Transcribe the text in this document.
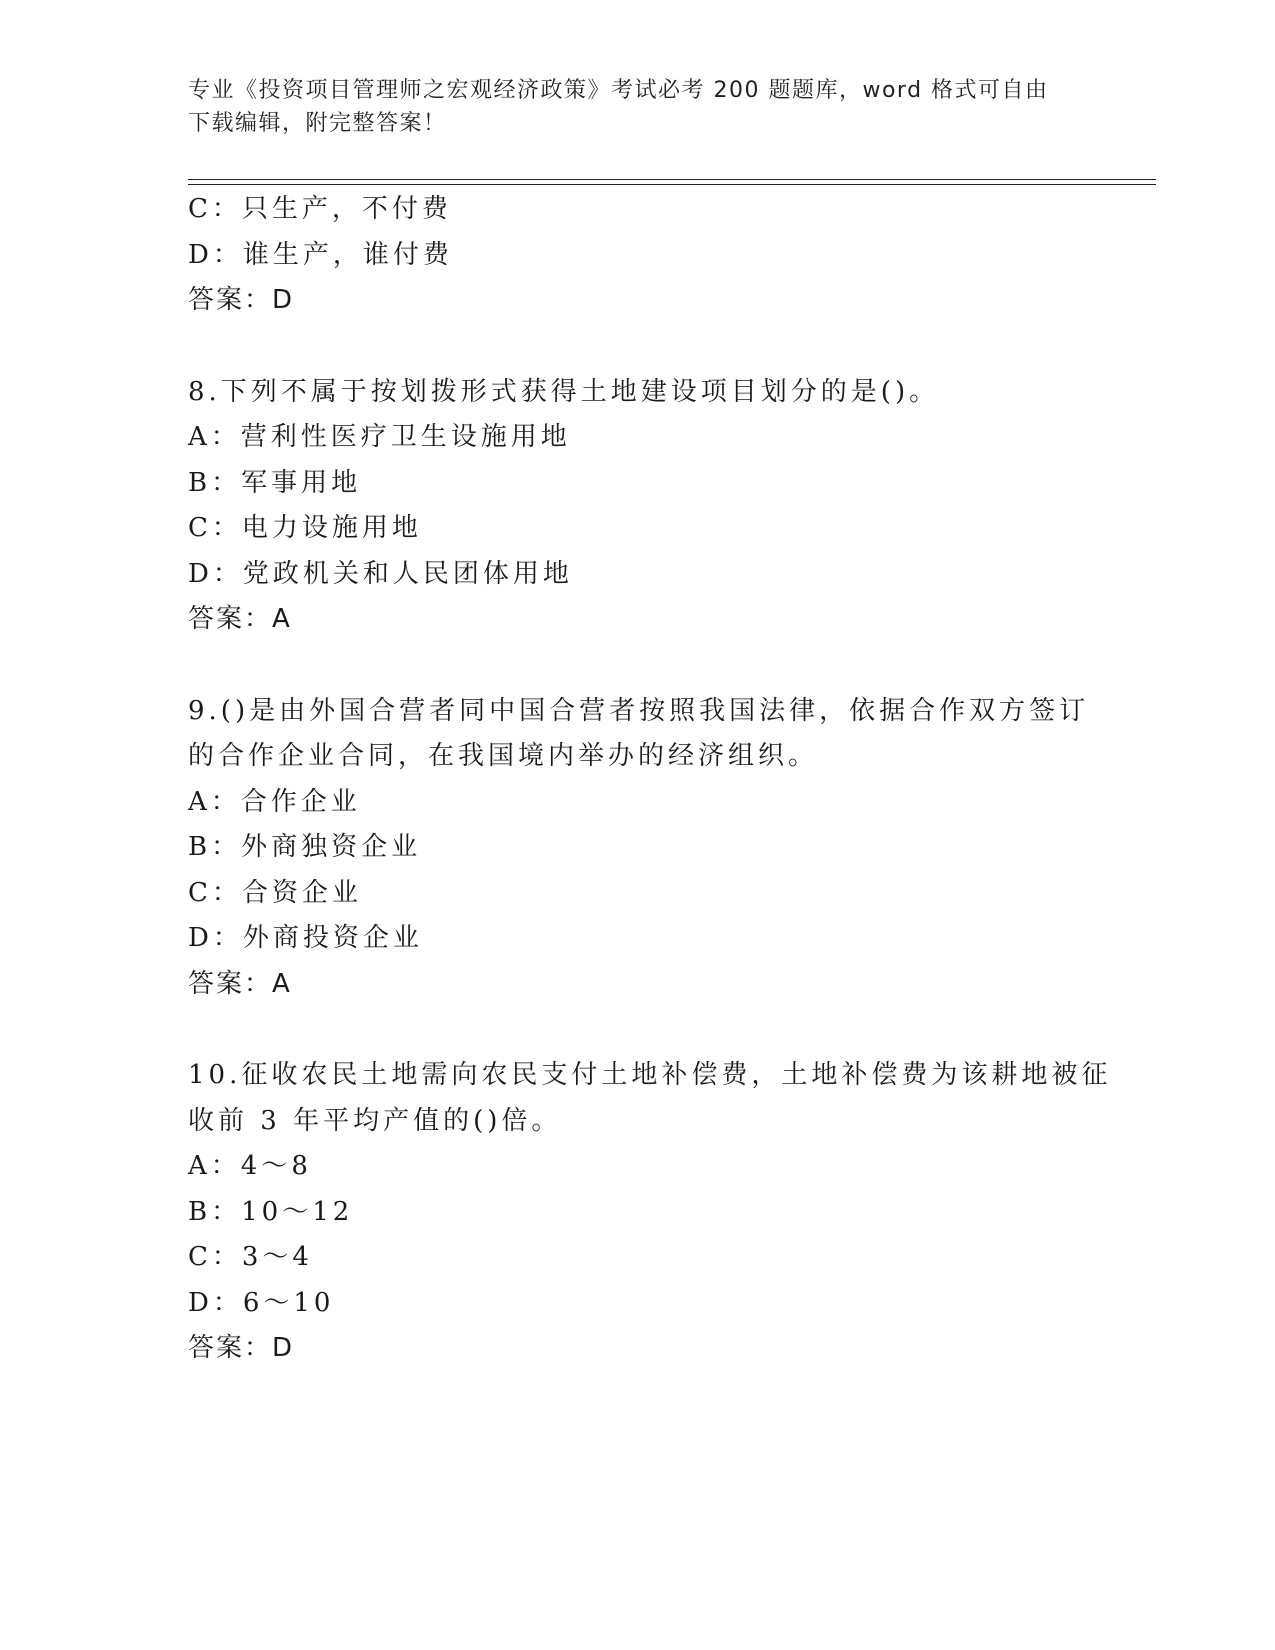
专业《投资项目管理师之宏观经济政策》考试必考 200 题题库，word 格式可自由
下载编辑，附完整答案！
C：只生产，不付费
D：谁生产，谁付费
答案：D
8.下列不属于按划拨形式获得土地建设项目划分的是()。
A：营利性医疗卫生设施用地
B：军事用地
C：电力设施用地
D：党政机关和人民团体用地
答案：A
9.()是由外国合营者同中国合营者按照我国法律，依据合作双方签订
的合作企业合同，在我国境内举办的经济组织。
A：合作企业
B：外商独资企业
C：合资企业
D：外商投资企业
答案：A
10.征收农民土地需向农民支付土地补偿费，土地补偿费为该耕地被征
收前 3 年平均产值的()倍。
A：4～8
B：10～12
C：3～4
D：6～10
答案：D
